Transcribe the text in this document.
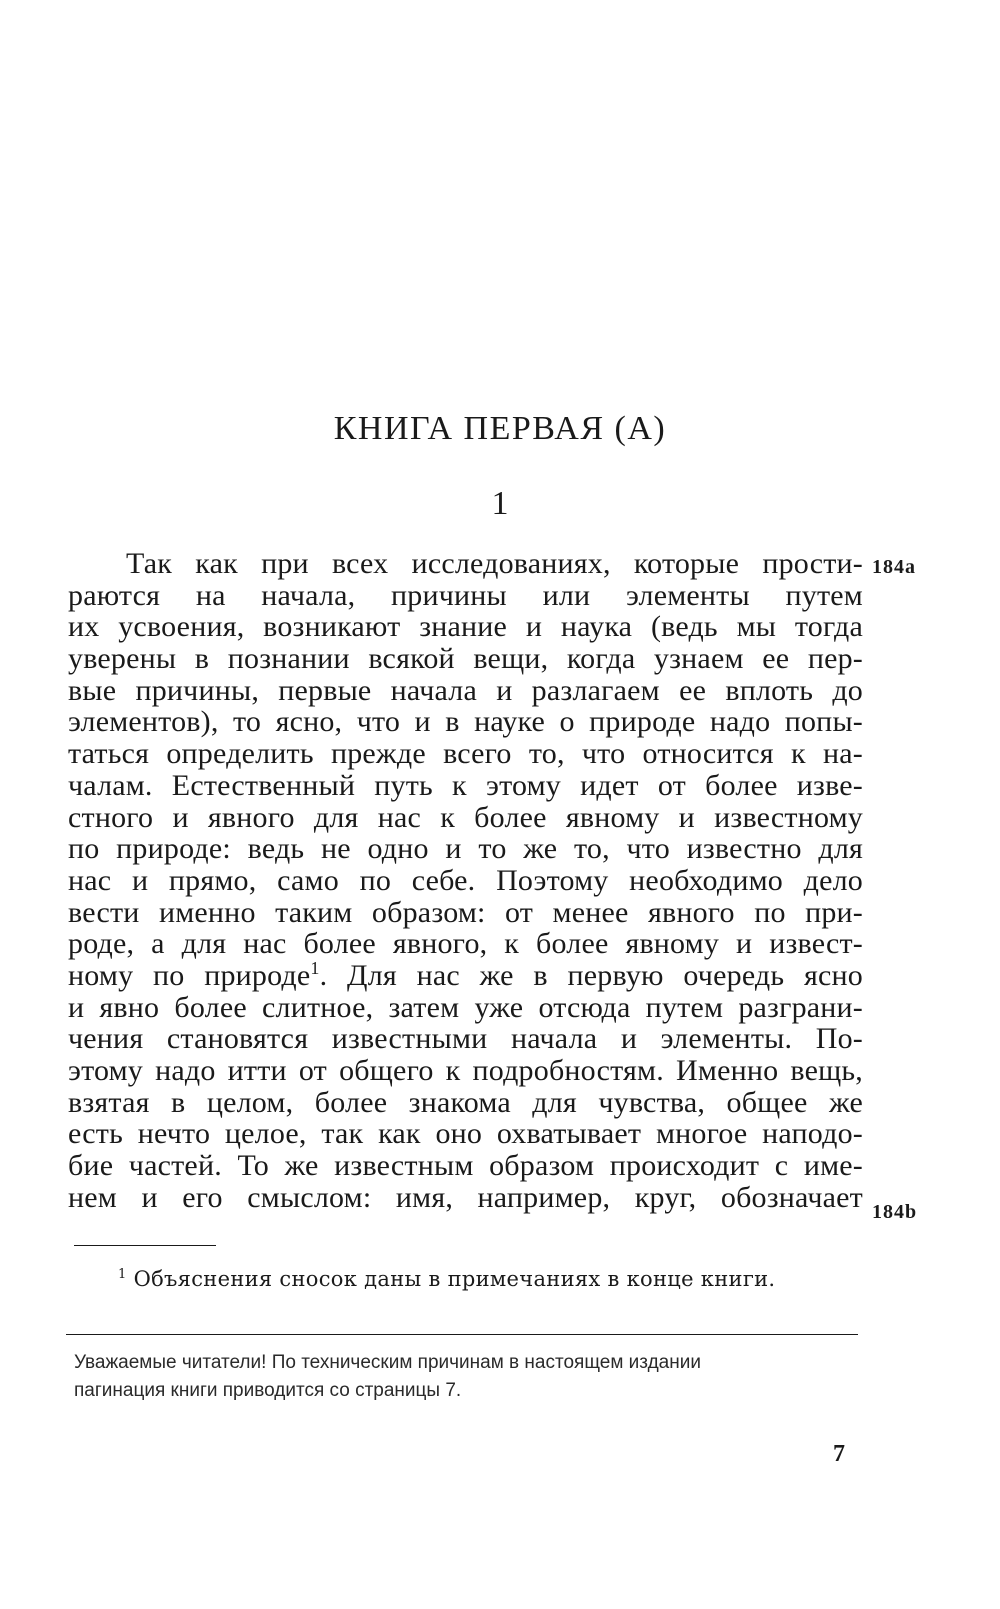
КНИГА ПЕРВАЯ (А)
1
Так как при всех исследованиях, которые прости-
раются на начала, причины или элементы путем
их усвоения, возникают знание и наука (ведь мы тогда
уверены в познании всякой вещи, когда узнаем ее пер-
вые причины, первые начала и разлагаем ее вплоть до
элементов), то ясно, что и в науке о природе надо попы-
таться определить прежде всего то, что относится к на-
чалам. Естественный путь к этому идет от более изве-
стного и явного для нас к более явному и известному
по природе: ведь не одно и то же то, что известно для
нас и прямо, само по себе. Поэтому необходимо дело
вести именно таким образом: от менее явного по при-
роде, а для нас более явного, к более явному и извест-
ному по природе$^1$. Для нас же в первую очередь ясно
и явно более слитное, затем уже отсюда путем разграни-
чения становятся известными начала и элементы. По-
этому надо итти от общего к подробностям. Именно вещь,
взятая в целом, более знакома для чувства, общее же
есть нечто целое, так как оно охватывает многое наподо-
бие частей. То же известным образом происходит с име-
нем и его смыслом: имя, например, круг, обозначает
184a
184b
$^1$ Объяснения сносок даны в примечаниях в конце книги.
Уважаемые читатели! По техническим причинам в настоящем издании
пагинация книги приводится со страницы 7.
7
